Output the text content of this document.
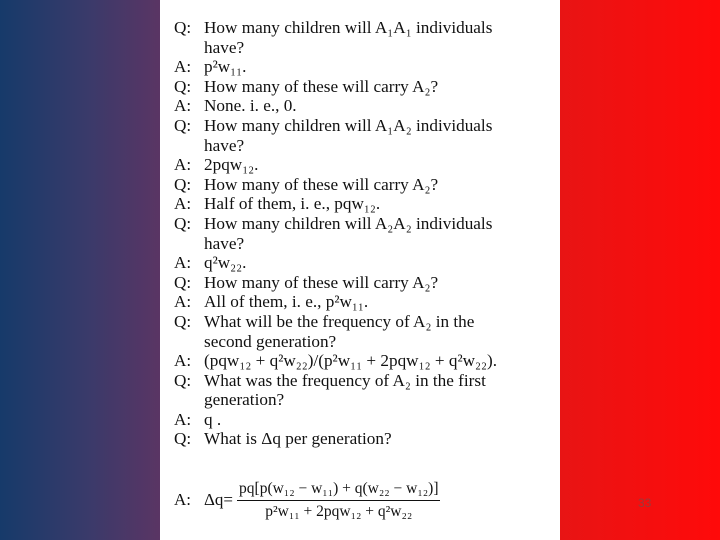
Q: How many children will A₁A₁ individuals
have?
A: p²w₁₁.
Q: How many of these will carry A₂?
A: None. i. e., 0.
Q: How many children will A₁A₂ individuals
have?
A: 2pqw₁₂.
Q: How many of these will carry A₂?
A: Half of them, i. e., pqw₁₂.
Q: How many children will A₂A₂ individuals
have?
A: q²w₂₂.
Q: How many of these will carry A₂?
A: All of them, i. e., p²w₁₁.
Q: What will be the frequency of A₂ in the
second generation?
A: (pqw₁₂ + q²w₂₂)/(p²w₁₁ + 2pqw₁₂ + q²w₂₂).
Q: What was the frequency of A₂ in the first
generation?
A: q .
Q: What is Δq per generation?
A: $\Delta q= \frac{\text{pq[p(w₁₂ − w₁₁) + q(w₂₂ − w₁₂)]}}{\text{p²w₁₁ + 2pqw₁₂ + q²w₂₂}}$	33
